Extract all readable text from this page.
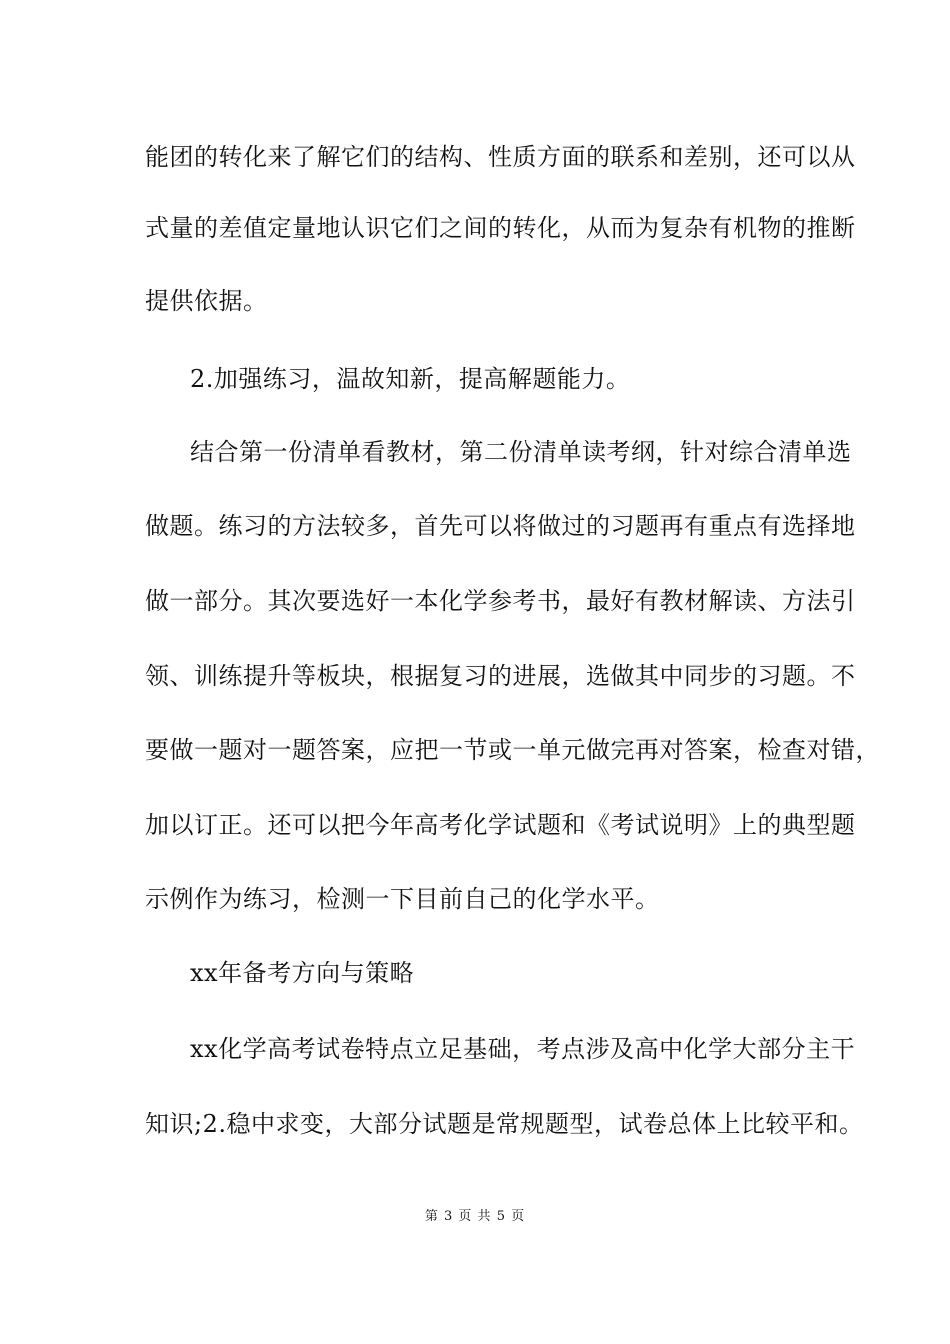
能团的转化来了解它们的结构、性质方面的联系和差别，还可以从
式量的差值定量地认识它们之间的转化，从而为复杂有机物的推断
提供依据。
2.加强练习，温故知新，提高解题能力。
结合第一份清单看教材，第二份清单读考纲，针对综合清单选
做题。练习的方法较多，首先可以将做过的习题再有重点有选择地
做一部分。其次要选好一本化学参考书，最好有教材解读、方法引
领、训练提升等板块，根据复习的进展，选做其中同步的习题。不
要做一题对一题答案，应把一节或一单元做完再对答案，检查对错，
加以订正。还可以把今年高考化学试题和《考试说明》上的典型题
示例作为练习，检测一下目前自己的化学水平。
xx年备考方向与策略
xx化学高考试卷特点立足基础，考点涉及高中化学大部分主干
知识;2.稳中求变，大部分试题是常规题型，试卷总体上比较平和。
第 3 页 共 5 页
